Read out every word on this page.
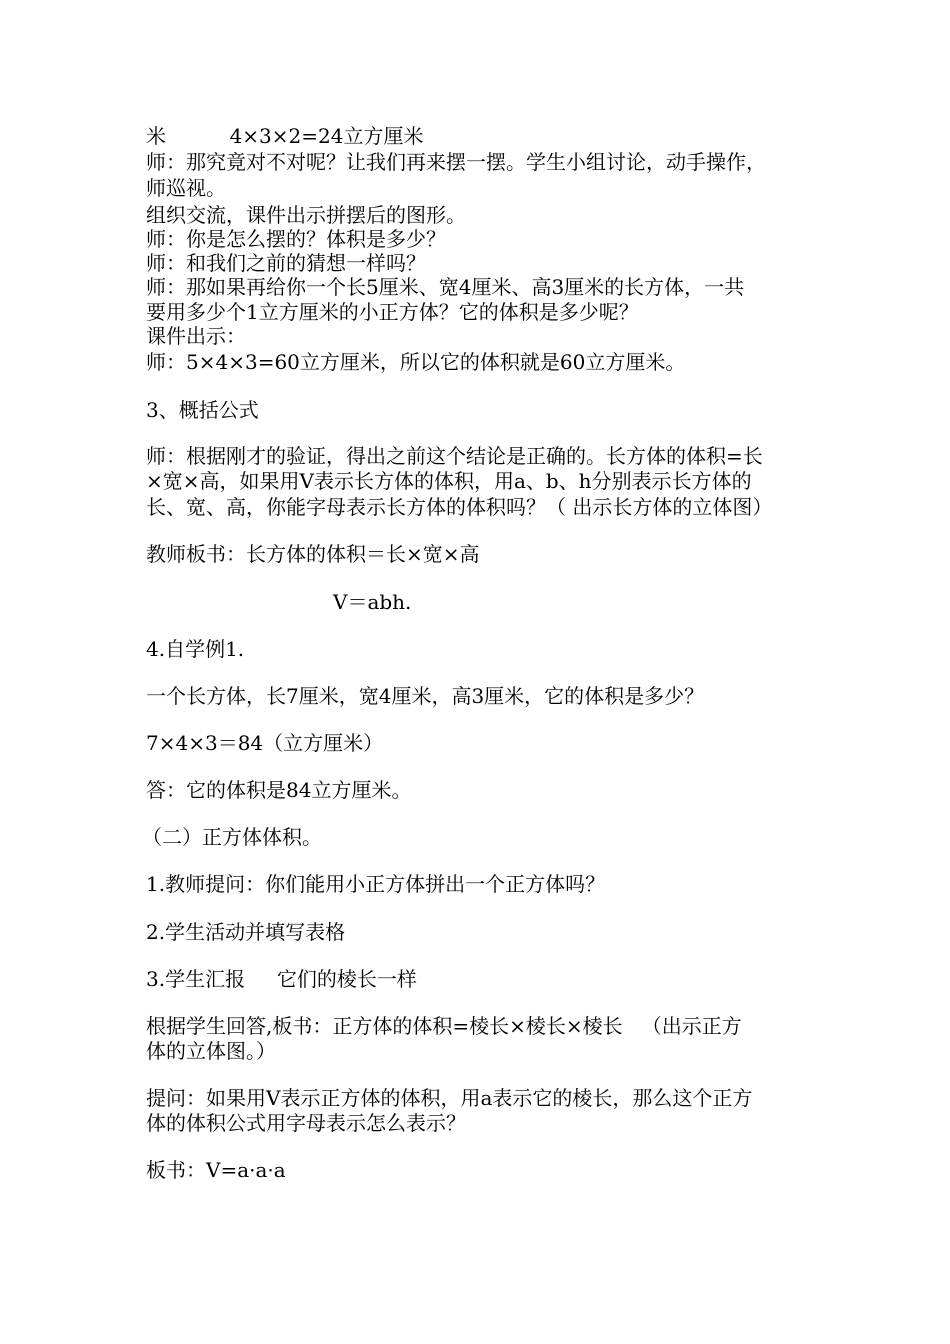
米          4×3×2=24立方厘米
师：那究竟对不对呢？让我们再来摆一摆。学生小组讨论，动手操作，
师巡视。
组织交流，课件出示拼摆后的图形。
师：你是怎么摆的？体积是多少？
师：和我们之前的猜想一样吗？
师：那如果再给你一个长5厘米、宽4厘米、高3厘米的长方体，一共
要用多少个1立方厘米的小正方体？它的体积是多少呢？
课件出示：
师：5×4×3=60立方厘米，所以它的体积就是60立方厘米。
3、概括公式
师：根据刚才的验证，得出之前这个结论是正确的。长方体的体积=长
×宽×高，如果用V表示长方体的体积，用a、b、h分别表示长方体的
长、宽、高，你能字母表示长方体的体积吗？（ 出示长方体的立体图）
教师板书：长方体的体积＝长×宽×高
V＝abh.
4.自学例1.
一个长方体，长7厘米，宽4厘米，高3厘米，它的体积是多少？
7×4×3＝84（立方厘米）
答：它的体积是84立方厘米。
（二）正方体体积。
1.教师提问：你们能用小正方体拼出一个正方体吗？
2.学生活动并填写表格
3.学生汇报     它们的棱长一样
根据学生回答,板书：正方体的体积=棱长×棱长×棱长   （出示正方
体的立体图。）
提问：如果用V表示正方体的体积，用a表示它的棱长，那么这个正方
体的体积公式用字母表示怎么表示？
板书：V=a·a·a
